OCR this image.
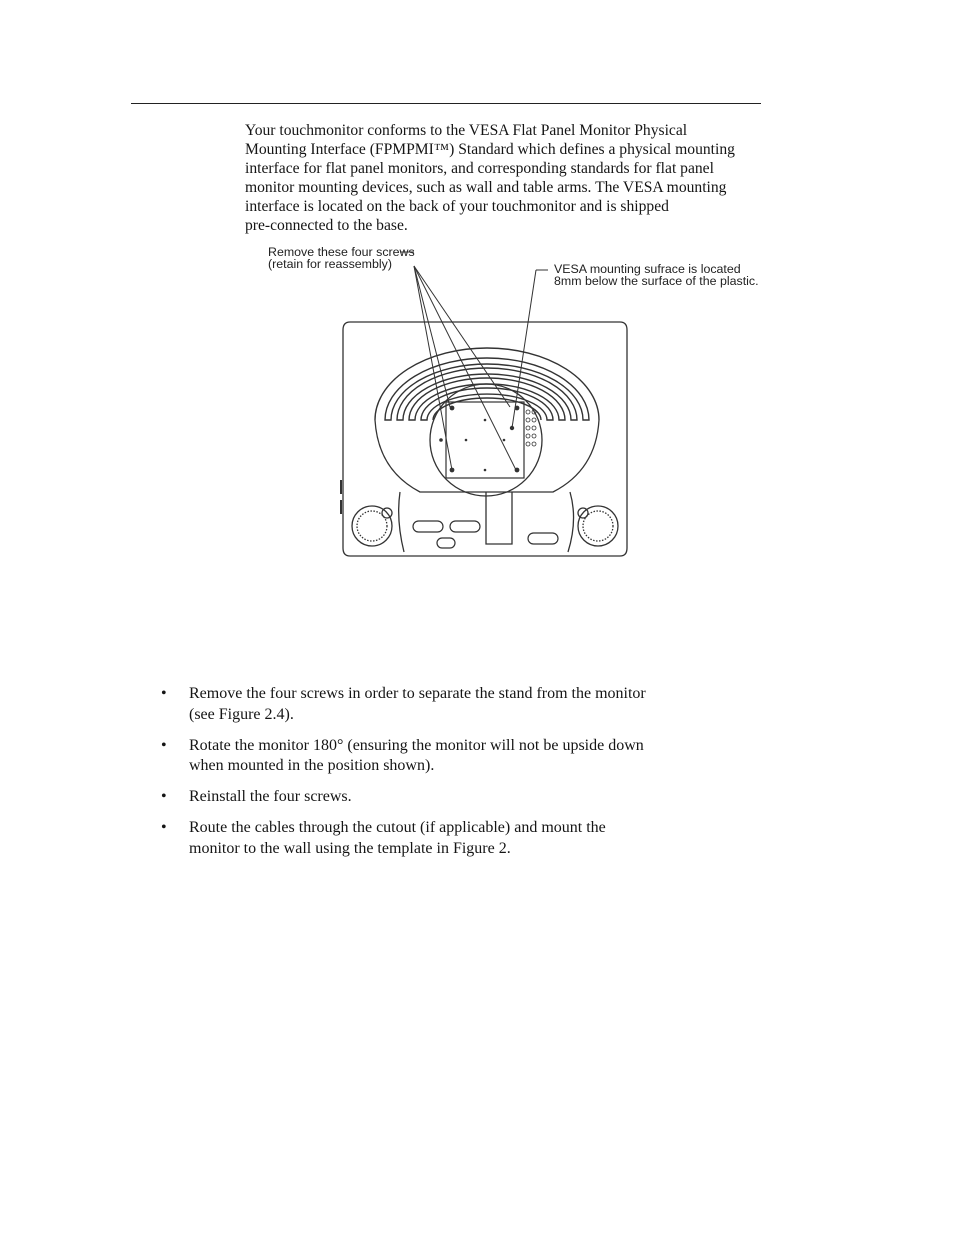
Your touchmonitor conforms to the VESA Flat Panel Monitor Physical
Mounting Interface (FPMPMI™) Standard which defines a physical mounting
interface for flat panel monitors, and corresponding standards for flat panel
monitor mounting devices, such as wall and table arms. The VESA mounting
interface is located on the back of your touchmonitor and is shipped
pre-connected to the base.
Remove these four screws
(retain for reassembly)	VESA mounting sufrace is located
8mm below the surface of the plastic.
• Remove the four screws in order to separate the stand from the monitor
(see Figure 2.4).
• Rotate the monitor 180° (ensuring the monitor will not be upside down
when mounted in the position shown).
• Reinstall the four screws.
• Route the cables through the cutout (if applicable) and mount the
monitor to the wall using the template in Figure 2.
